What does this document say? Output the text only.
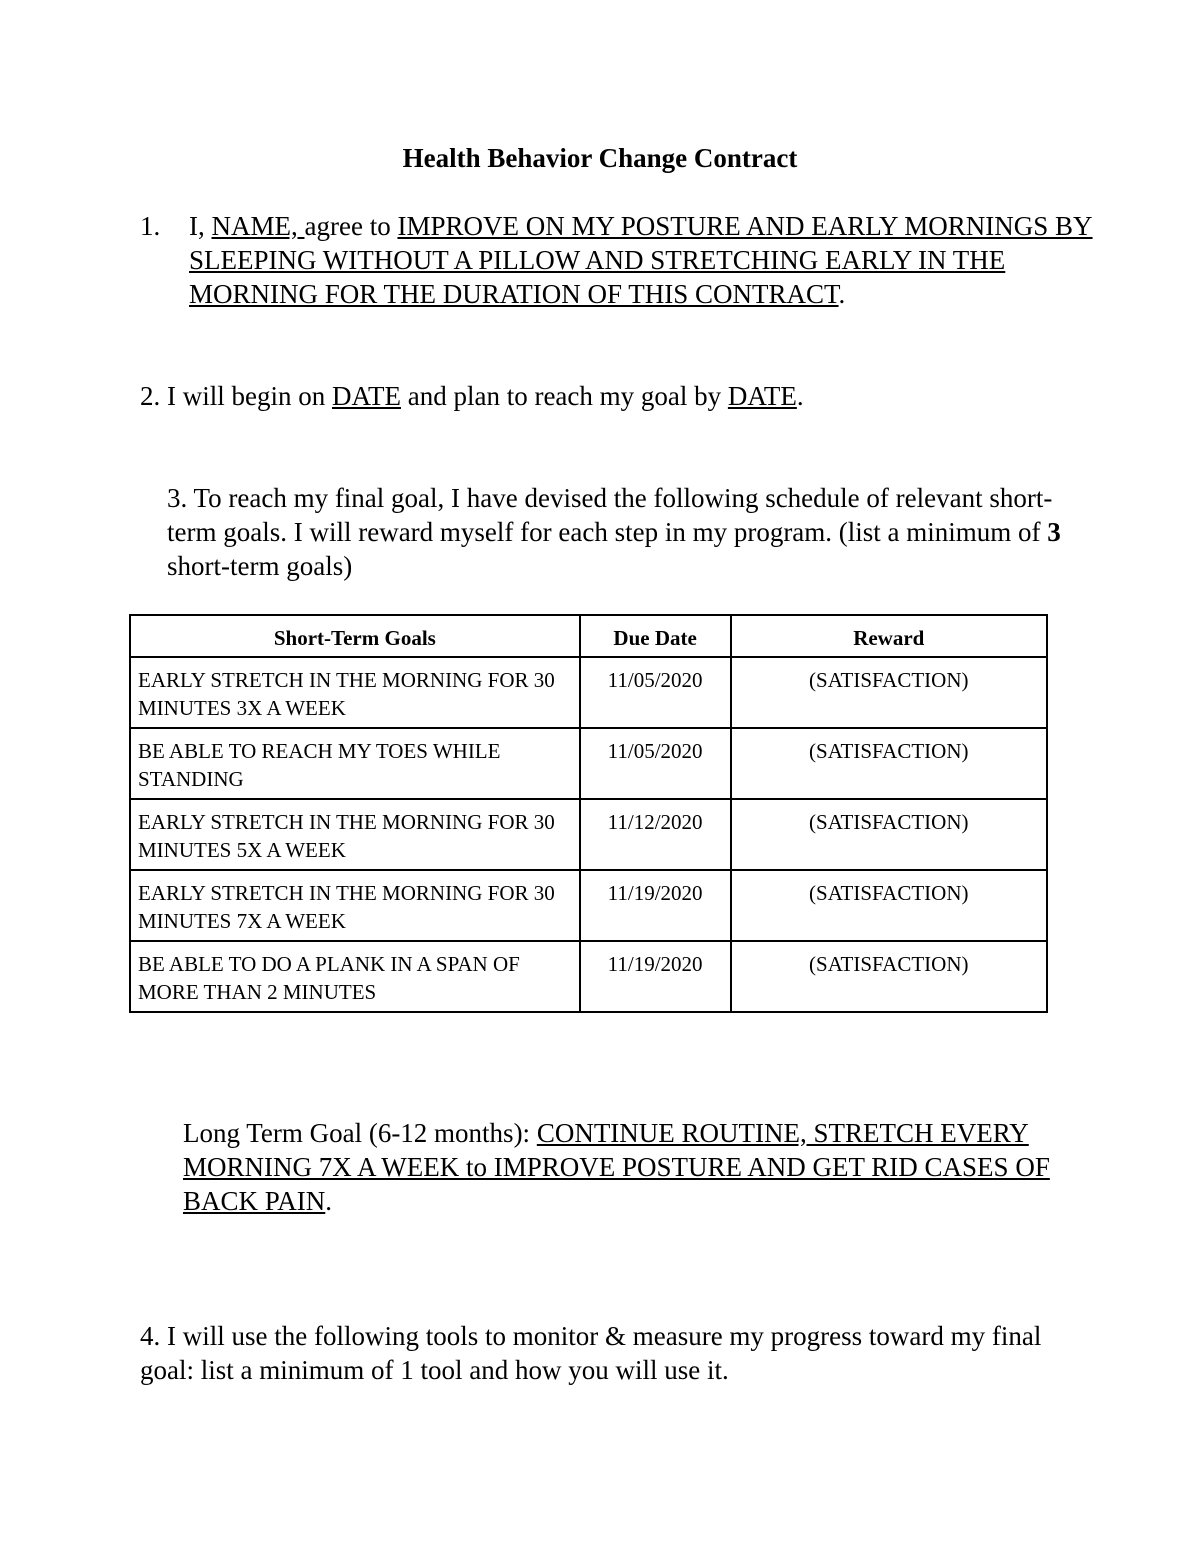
Health Behavior Change Contract
1. I, NAME, agree to IMPROVE ON MY POSTURE AND EARLY MORNINGS BY SLEEPING WITHOUT A PILLOW AND STRETCHING EARLY IN THE MORNING FOR THE DURATION OF THIS CONTRACT.
2. I will begin on DATE and plan to reach my goal by DATE.
3. To reach my final goal, I have devised the following schedule of relevant short-term goals. I will reward myself for each step in my program. (list a minimum of 3 short-term goals)
Short-Term Goals	Due Date	Reward
EARLY STRETCH IN THE MORNING FOR 30 MINUTES 3X A WEEK	11/05/2020	(SATISFACTION)
BE ABLE TO REACH MY TOES WHILE STANDING	11/05/2020	(SATISFACTION)
EARLY STRETCH IN THE MORNING FOR 30 MINUTES 5X A WEEK	11/12/2020	(SATISFACTION)
EARLY STRETCH IN THE MORNING FOR 30 MINUTES 7X A WEEK	11/19/2020	(SATISFACTION)
BE ABLE TO DO A PLANK IN A SPAN OF MORE THAN 2 MINUTES	11/19/2020	(SATISFACTION)
Long Term Goal (6-12 months): CONTINUE ROUTINE, STRETCH EVERY MORNING 7X A WEEK to IMPROVE POSTURE AND GET RID CASES OF BACK PAIN.
4. I will use the following tools to monitor & measure my progress toward my final goal: list a minimum of 1 tool and how you will use it.
